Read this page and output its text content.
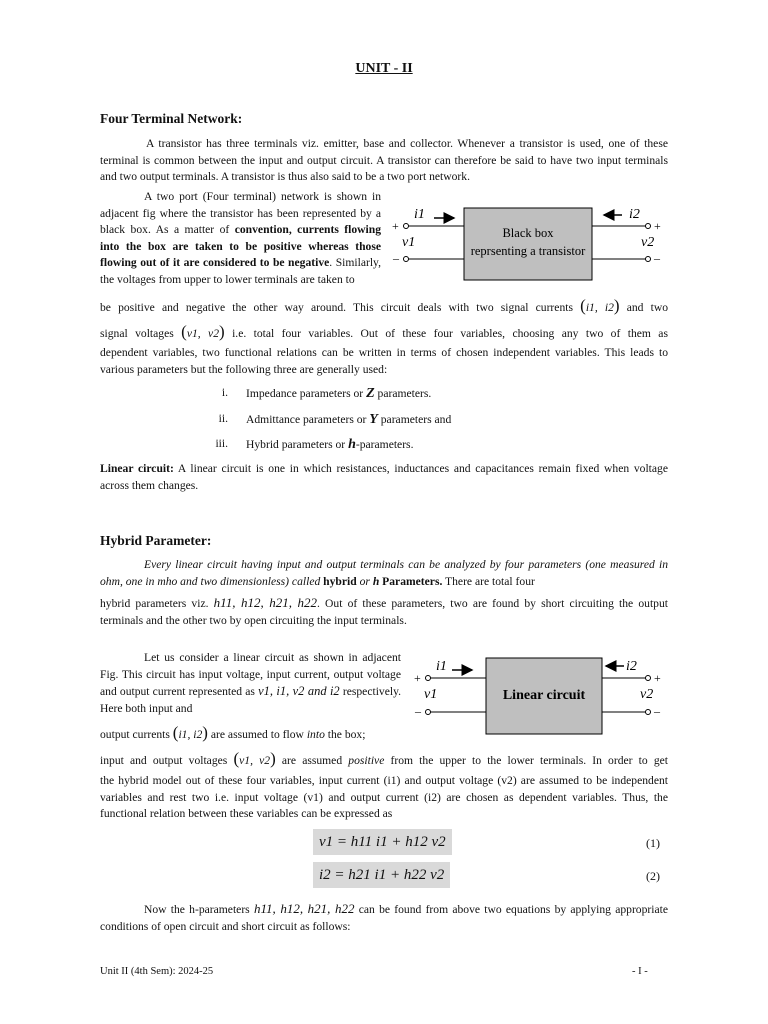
UNIT - II
Four Terminal Network:
A transistor has three terminals viz. emitter, base and collector. Whenever a transistor is used, one of these terminal is common between the input and output circuit. A transistor can therefore be said to have two input terminals and two output terminals. A transistor is thus also said to be a two port network.
A two port (Four terminal) network is shown in adjacent fig where the transistor has been represented by a black box. As a matter of convention, currents flowing into the box are taken to be positive whereas those flowing out of it are considered to be negative. Similarly, the voltages from upper to lower terminals are taken to
i1	i2
v1	v2
+
–
+
–
Black box
reprsenting a transistor
be positive and negative the other way around. This circuit deals with two signal currents (i1, i2) and two
signal voltages (v1, v2) i.e. total four variables. Out of these four variables, choosing any two of them as
dependent variables, two functional relations can be written in terms of chosen independent variables. This leads to various parameters but the following three are generally used:
i. Impedance parameters or Z parameters.
ii. Admittance parameters or Y parameters and
iii. Hybrid parameters or h-parameters.
Linear circuit: A linear circuit is one in which resistances, inductances and capacitances remain fixed when voltage across them changes.
Hybrid Parameter:
Every linear circuit having input and output terminals can be analyzed by four parameters (one measured in ohm, one in mho and two dimensionless) called hybrid or h Parameters. There are total four
hybrid parameters viz. h11, h12, h21, h22. Out of these parameters, two are found by short circuiting the output
terminals and the other two by open circuiting the input terminals.
Let us consider a linear circuit as shown in adjacent Fig. This circuit has input voltage, input current, output voltage and output current represented as v1, i1, v2 and i2 respectively. Here both input and
output currents (i1, i2) are assumed to flow into the box;
i1	i2
v1	v2
+
–
+
–
Linear circuit
input and output voltages (v1, v2) are assumed positive from the upper to the lower terminals. In order to get
the hybrid model out of these four variables, input current (i1) and output voltage (v2) are assumed to be independent variables and rest two i.e. input voltage (v1) and output current (i2) are chosen as dependent variables. Thus, the functional relation between these variables can be expressed as
v1 = h11 i1 + h12 v2	(1)
i2 = h21 i1 + h22 v2	(2)
Now the h-parameters h11, h12, h21, h22 can be found from above two equations by applying appropriate conditions of open circuit and short circuit as follows:
Unit II (4th Sem): 2024-25	- I -
